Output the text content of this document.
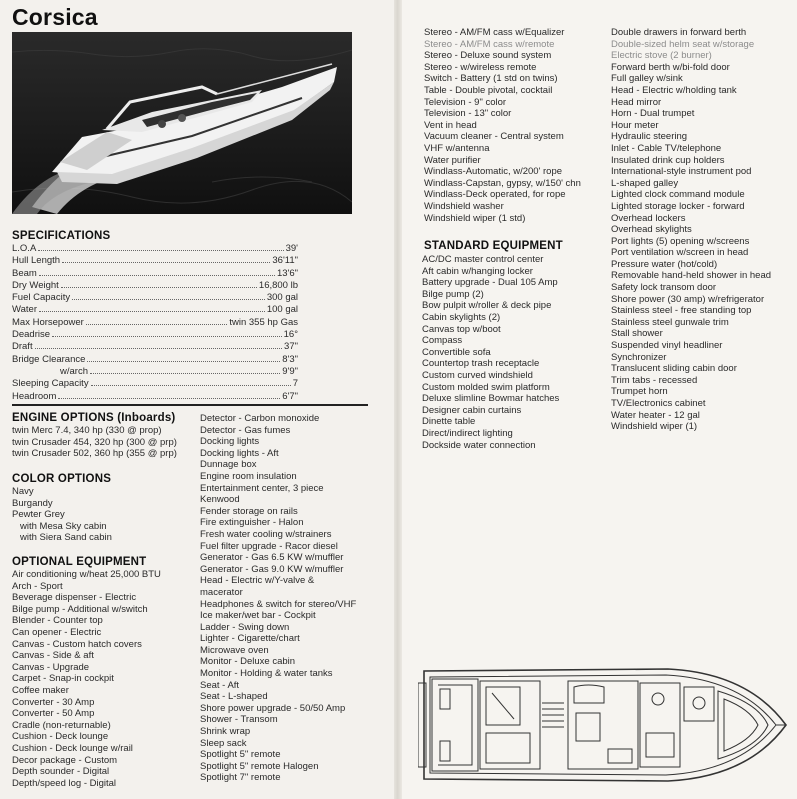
Corsica
SPECIFICATIONS
L.O.A	39'
Hull Length	36'11"
Beam	13'6"
Dry Weight	16,800 lb
Fuel Capacity	300 gal
Water	100 gal
Max Horsepower	twin 355 hp Gas
Deadrise	16°
Draft	37"
Bridge Clearance	8'3"
w/arch	9'9"
Sleeping Capacity	7
Headroom	6'7"
ENGINE OPTIONS (Inboards)
twin Merc 7.4, 340 hp (330 @ prop)
twin Crusader 454, 320 hp (300 @ prp)
twin Crusader 502, 360 hp (355 @ prp)
COLOR OPTIONS
Navy
Burgandy
Pewter Grey
with Mesa Sky cabin
with Siera Sand cabin
OPTIONAL EQUIPMENT
Air conditioning w/heat 25,000 BTU
Arch - Sport
Beverage dispenser - Electric
Bilge pump - Additional w/switch
Blender - Counter top
Can opener - Electric
Canvas - Custom hatch covers
Canvas - Side & aft
Canvas - Upgrade
Carpet - Snap-in cockpit
Coffee maker
Converter - 30 Amp
Converter - 50 Amp
Cradle (non-returnable)
Cushion - Deck lounge
Cushion - Deck lounge w/rail
Decor package - Custom
Depth sounder - Digital
Depth/speed log - Digital
Detector - Carbon monoxide
Detector - Gas fumes
Docking lights
Docking lights - Aft
Dunnage box
Engine room insulation
Entertainment center, 3 piece
Kenwood
Fender storage on rails
Fire extinguisher - Halon
Fresh water cooling w/strainers
Fuel filter upgrade - Racor diesel
Generator - Gas 6.5 KW w/muffler
Generator - Gas 9.0 KW w/muffler
Head - Electric w/Y-valve &
macerator
Headphones & switch for stereo/VHF
Ice maker/wet bar - Cockpit
Ladder - Swing down
Lighter - Cigarette/chart
Microwave oven
Monitor - Deluxe cabin
Monitor - Holding & water tanks
Seat - Aft
Seat - L-shaped
Shore power upgrade - 50/50 Amp
Shower - Transom
Shrink wrap
Sleep sack
Spotlight 5" remote
Spotlight 5" remote Halogen
Spotlight 7" remote
Stereo - AM/FM cass w/Equalizer
Stereo - AM/FM cass w/remote
Stereo - Deluxe sound system
Stereo - w/wireless remote
Switch - Battery (1 std on twins)
Table - Double pivotal, cocktail
Television - 9" color
Television - 13" color
Vent in head
Vacuum cleaner - Central system
VHF w/antenna
Water purifier
Windlass-Automatic, w/200' rope
Windlass-Capstan, gypsy, w/150' chn
Windlass-Deck operated, for rope
Windshield washer
Windshield wiper (1 std)
STANDARD EQUIPMENT
AC/DC master control center
Aft cabin w/hanging locker
Battery upgrade - Dual 105 Amp
Bilge pump (2)
Bow pulpit w/roller & deck pipe
Cabin skylights (2)
Canvas top w/boot
Compass
Convertible sofa
Countertop trash receptacle
Custom curved windshield
Custom molded swim platform
Deluxe slimline Bowmar hatches
Designer cabin curtains
Dinette table
Direct/indirect lighting
Dockside water connection
Double drawers in forward berth
Double-sized helm seat w/storage
Electric stove (2 burner)
Forward berth w/bi-fold door
Full galley w/sink
Head - Electric w/holding tank
Head mirror
Horn - Dual trumpet
Hour meter
Hydraulic steering
Inlet - Cable TV/telephone
Insulated drink cup holders
International-style instrument pod
L-shaped galley
Lighted clock command module
Lighted storage locker - forward
Overhead lockers
Overhead skylights
Port lights (5) opening w/screens
Port ventilation w/screen in head
Pressure water (hot/cold)
Removable hand-held shower in head
Safety lock transom door
Shore power (30 amp) w/refrigerator
Stainless steel - free standing top
Stainless steel gunwale trim
Stall shower
Suspended vinyl headliner
Synchronizer
Translucent sliding cabin door
Trim tabs - recessed
Trumpet horn
TV/Electronics cabinet
Water heater - 12 gal
Windshield wiper (1)
